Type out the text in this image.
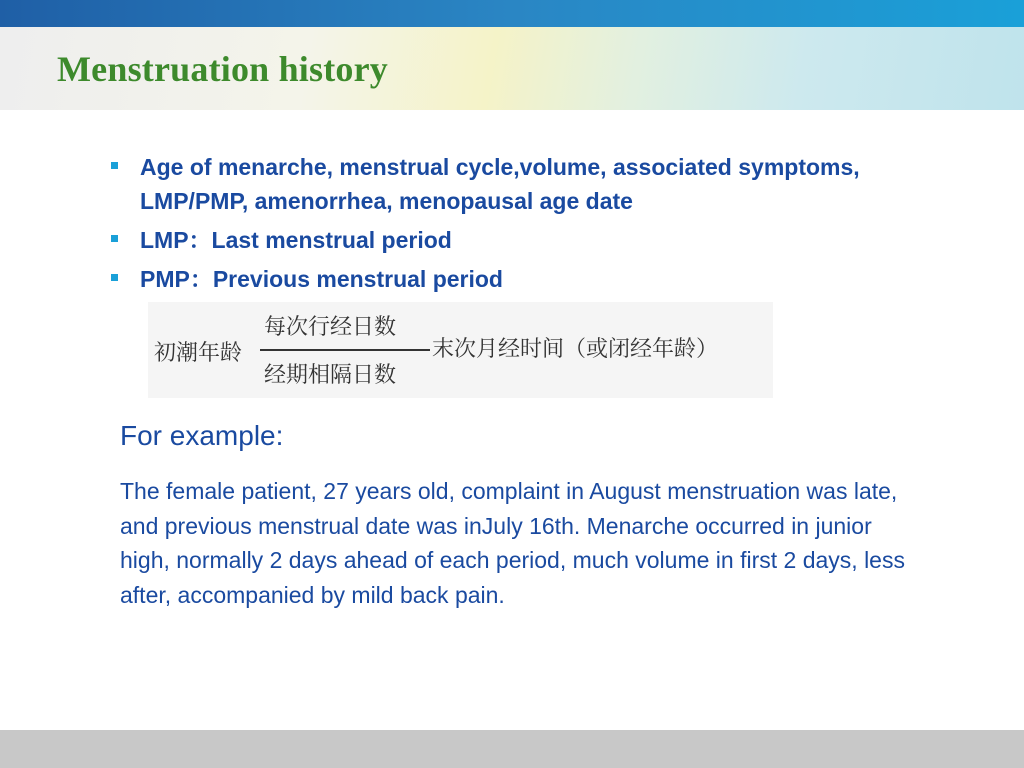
Menstruation history
Age of menarche, menstrual cycle,volume, associated symptoms, LMP/PMP, amenorrhea, menopausal age date
LMP：Last menstrual period
PMP：Previous menstrual period
初潮年龄
每次行经日数
经期相隔日数
末次月经时间（或闭经年龄）
For example:

The female patient, 27 years old, complaint in August menstruation was late, and previous menstrual date was inJuly 16th. Menarche occurred in junior high, normally 2 days ahead of each period, much volume in first 2 days, less after, accompanied by mild back pain.
